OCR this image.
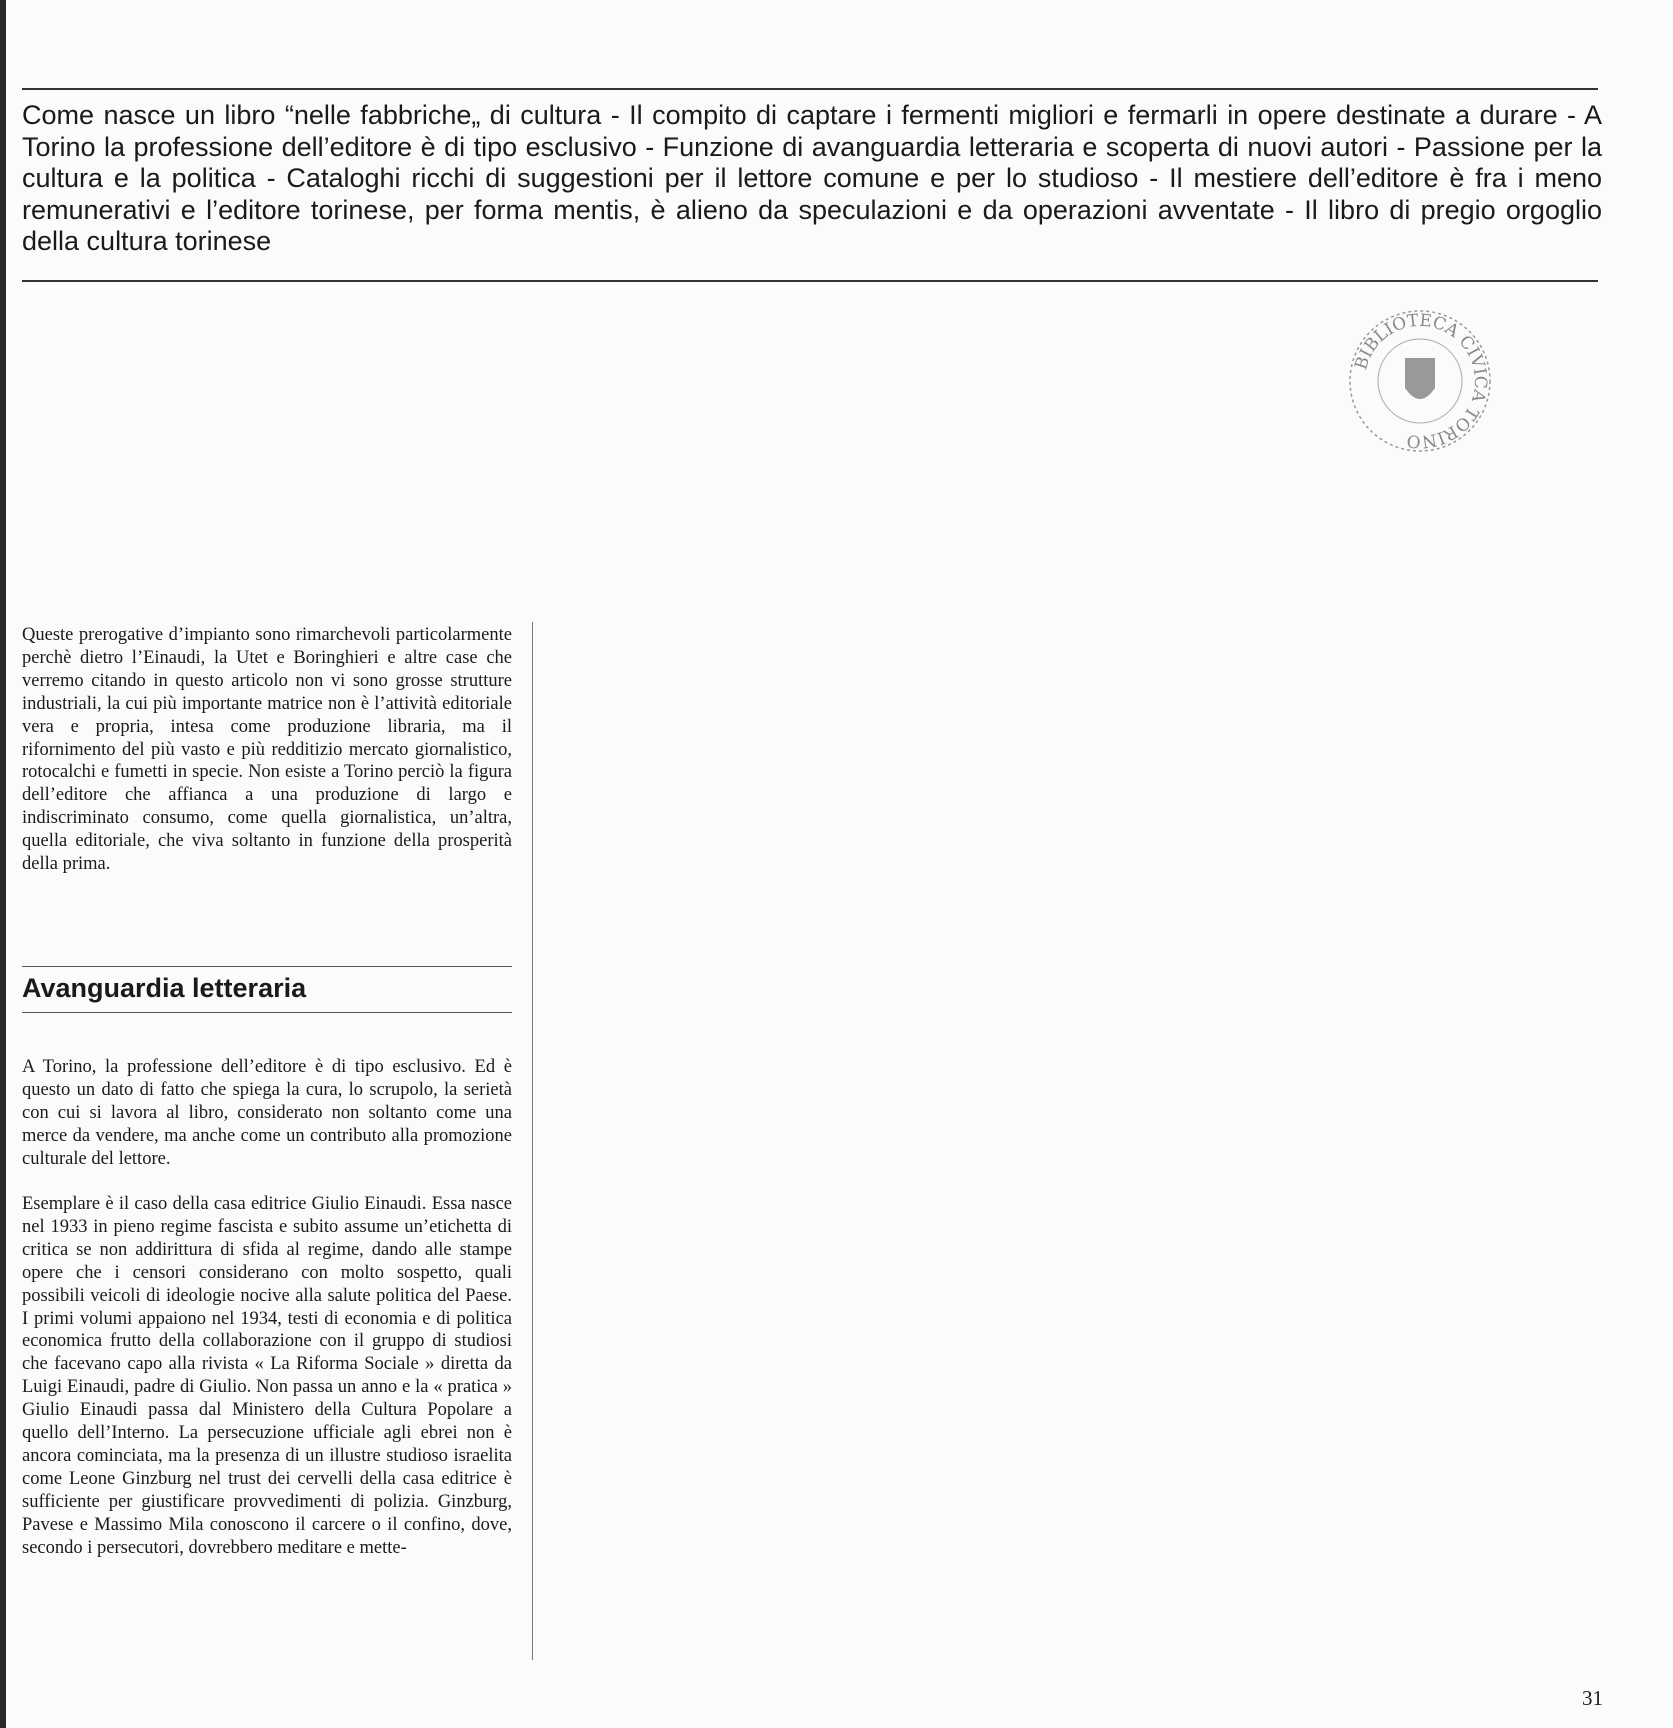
Come nasce un libro “nelle fabbriche„ di cultura - Il compito di captare i fermenti migliori e fermarli in opere destinate a durare - A Torino la professione dell’editore è di tipo esclusivo - Funzione di avanguardia letteraria e scoperta di nuovi autori - Passione per la cultura e la politica - Cataloghi ricchi di suggestioni per il lettore comune e per lo studioso - Il mestiere dell’editore è fra i meno remunerativi e l’editore torinese, per forma mentis, è alieno da speculazioni e da operazioni avventate - Il libro di pregio orgoglio della cultura torinese

BIBLIOTECA CIVICA TORINO

Queste prerogative d’impianto sono rimarchevoli particolarmente perchè dietro l’Einaudi, la Utet e Boringhieri e altre case che verremo citando in questo articolo non vi sono grosse strutture industriali, la cui più importante matrice non è l’attività editoriale vera e propria, intesa come produzione libraria, ma il rifornimento del più vasto e più redditizio mercato giornalistico, rotocalchi e fumetti in specie. Non esiste a Torino perciò la figura dell’editore che affianca a una produzione di largo e indiscriminato consumo, come quella giornalistica, un’altra, quella editoriale, che viva soltanto in funzione della prosperità della prima.

Avanguardia letteraria

A Torino, la professione dell’editore è di tipo esclusivo. Ed è questo un dato di fatto che spiega la cura, lo scrupolo, la serietà con cui si lavora al libro, considerato non soltanto come una merce da vendere, ma anche come un contributo alla promozione culturale del lettore.

Esemplare è il caso della casa editrice Giulio Einaudi. Essa nasce nel 1933 in pieno regime fascista e subito assume un’etichetta di critica se non addirittura di sfida al regime, dando alle stampe opere che i censori considerano con molto sospetto, quali possibili veicoli di ideologie nocive alla salute politica del Paese. I primi volumi appaiono nel 1934, testi di economia e di politica economica frutto della collaborazione con il gruppo di studiosi che facevano capo alla rivista « La Riforma Sociale » diretta da Luigi Einaudi, padre di Giulio. Non passa un anno e la « pratica » Giulio Einaudi passa dal Ministero della Cultura Popolare a quello dell’Interno. La persecuzione ufficiale agli ebrei non è ancora cominciata, ma la presenza di un illustre studioso israelita come Leone Ginzburg nel trust dei cervelli della casa editrice è sufficiente per giustificare provvedimenti di polizia. Ginzburg, Pavese e Massimo Mila conoscono il carcere o il confino, dove, secondo i persecutori, dovrebbero meditare e mette-

31
